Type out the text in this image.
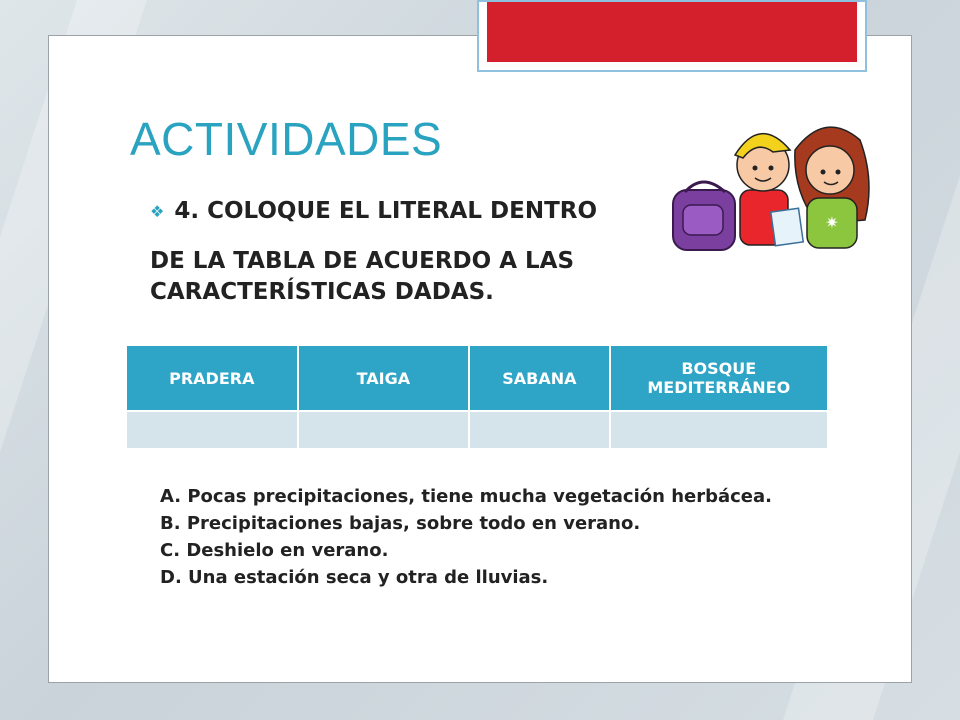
ACTIVIDADES
❖ 4. COLOQUE EL LITERAL DENTRO
DE LA TABLA DE ACUERDO A LAS CARACTERÍSTICAS DADAS.
✷
PRADERA	TAIGA	SABANA	BOSQUE MEDITERRÁNEO

A. Pocas precipitaciones, tiene mucha vegetación herbácea.
B. Precipitaciones bajas, sobre todo en verano.
C. Deshielo en verano.
D. Una estación seca y otra de lluvias.
